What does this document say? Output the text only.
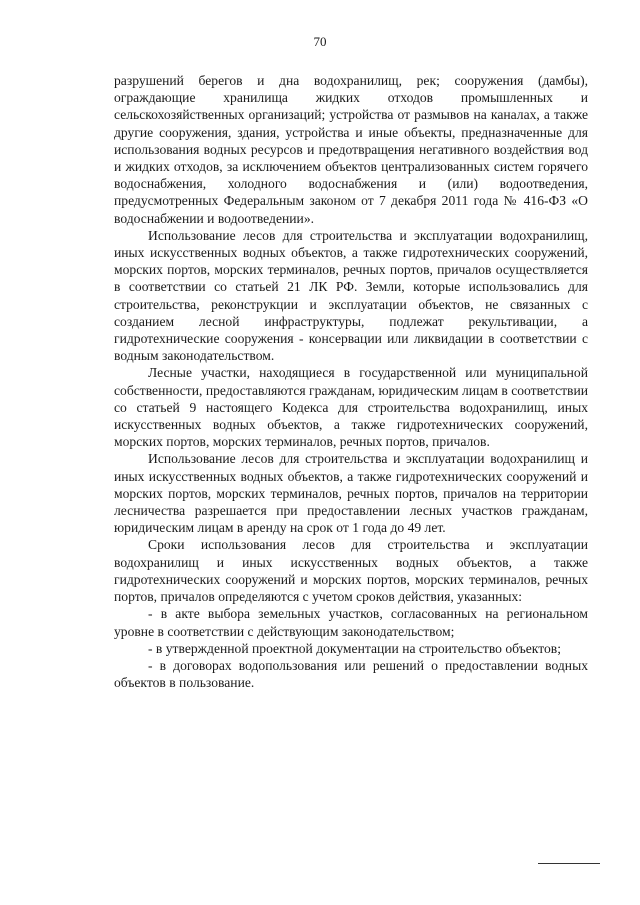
70

разрушений берегов и дна водохранилищ, рек; сооружения (дамбы), ограждающие хранилища жидких отходов промышленных и сельскохозяйственных организаций; устройства от размывов на каналах, а также другие сооружения, здания, устройства и иные объекты, предназначенные для использования водных ресурсов и предотвращения негативного воздействия вод и жидких отходов, за исключением объектов централизованных систем горячего водоснабжения, холодного водоснабжения и (или) водоотведения, предусмотренных Федеральным законом от 7 декабря 2011 года № 416-ФЗ «О водоснабжении и водоотведении».

Использование лесов для строительства и эксплуатации водохранилищ, иных искусственных водных объектов, а также гидротехнических сооружений, морских портов, морских терминалов, речных портов, причалов осуществляется в соответствии со статьей 21 ЛК РФ. Земли, которые использовались для строительства, реконструкции и эксплуатации объектов, не связанных с созданием лесной инфраструктуры, подлежат рекультивации, а гидротехнические сооружения - консервации или ликвидации в соответствии с водным законодательством.

Лесные участки, находящиеся в государственной или муниципальной собственности, предоставляются гражданам, юридическим лицам в соответствии со статьей 9 настоящего Кодекса для строительства водохранилищ, иных искусственных водных объектов, а также гидротехнических сооружений, морских портов, морских терминалов, речных портов, причалов.

Использование лесов для строительства и эксплуатации водохранилищ и иных искусственных водных объектов, а также гидротехнических сооружений и морских портов, морских терминалов, речных портов, причалов на территории лесничества разрешается при предоставлении лесных участков гражданам, юридическим лицам в аренду на срок от 1 года до 49 лет.

Сроки использования лесов для строительства и эксплуатации водохранилищ и иных искусственных водных объектов, а также гидротехнических сооружений и морских портов, морских терминалов, речных портов, причалов определяются с учетом сроков действия, указанных:

- в акте выбора земельных участков, согласованных на региональном уровне в соответствии с действующим законодательством;

- в утвержденной проектной документации на строительство объектов;

- в договорах водопользования или решений о предоставлении водных объектов в пользование.
